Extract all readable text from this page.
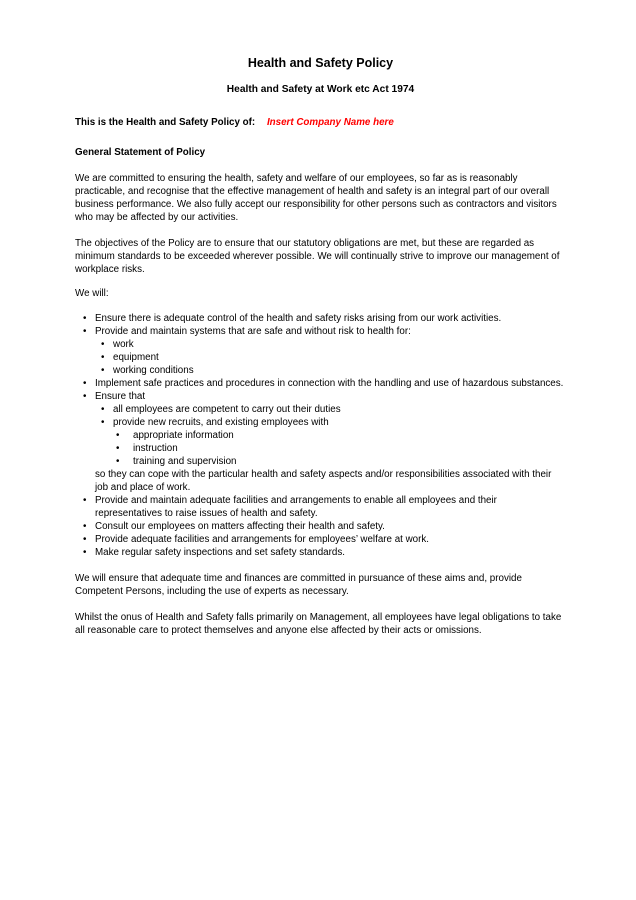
Health and Safety Policy
Health and Safety at Work etc Act 1974

This is the Health and Safety Policy of: Insert Company Name here

General Statement of Policy

We are committed to ensuring the health, safety and welfare of our employees, so far as is reasonably practicable, and recognise that the effective management of health and safety is an integral part of our overall business performance. We also fully accept our responsibility for other persons such as contractors and visitors who may be affected by our activities.

The objectives of the Policy are to ensure that our statutory obligations are met, but these are regarded as minimum standards to be exceeded wherever possible. We will continually strive to improve our management of workplace risks.

We will:

• Ensure there is adequate control of the health and safety risks arising from our work activities.
• Provide and maintain systems that are safe and without risk to health for:
• work
• equipment
• working conditions
• Implement safe practices and procedures in connection with the handling and use of hazardous substances.
• Ensure that
• all employees are competent to carry out their duties
• provide new recruits, and existing employees with
• appropriate information
• instruction
• training and supervision
so they can cope with the particular health and safety aspects and/or responsibilities associated with their job and place of work.
• Provide and maintain adequate facilities and arrangements to enable all employees and their representatives to raise issues of health and safety.
• Consult our employees on matters affecting their health and safety.
• Provide adequate facilities and arrangements for employees’ welfare at work.
• Make regular safety inspections and set safety standards.

We will ensure that adequate time and finances are committed in pursuance of these aims and, provide Competent Persons, including the use of experts as necessary.

Whilst the onus of Health and Safety falls primarily on Management, all employees have legal obligations to take all reasonable care to protect themselves and anyone else affected by their acts or omissions.
